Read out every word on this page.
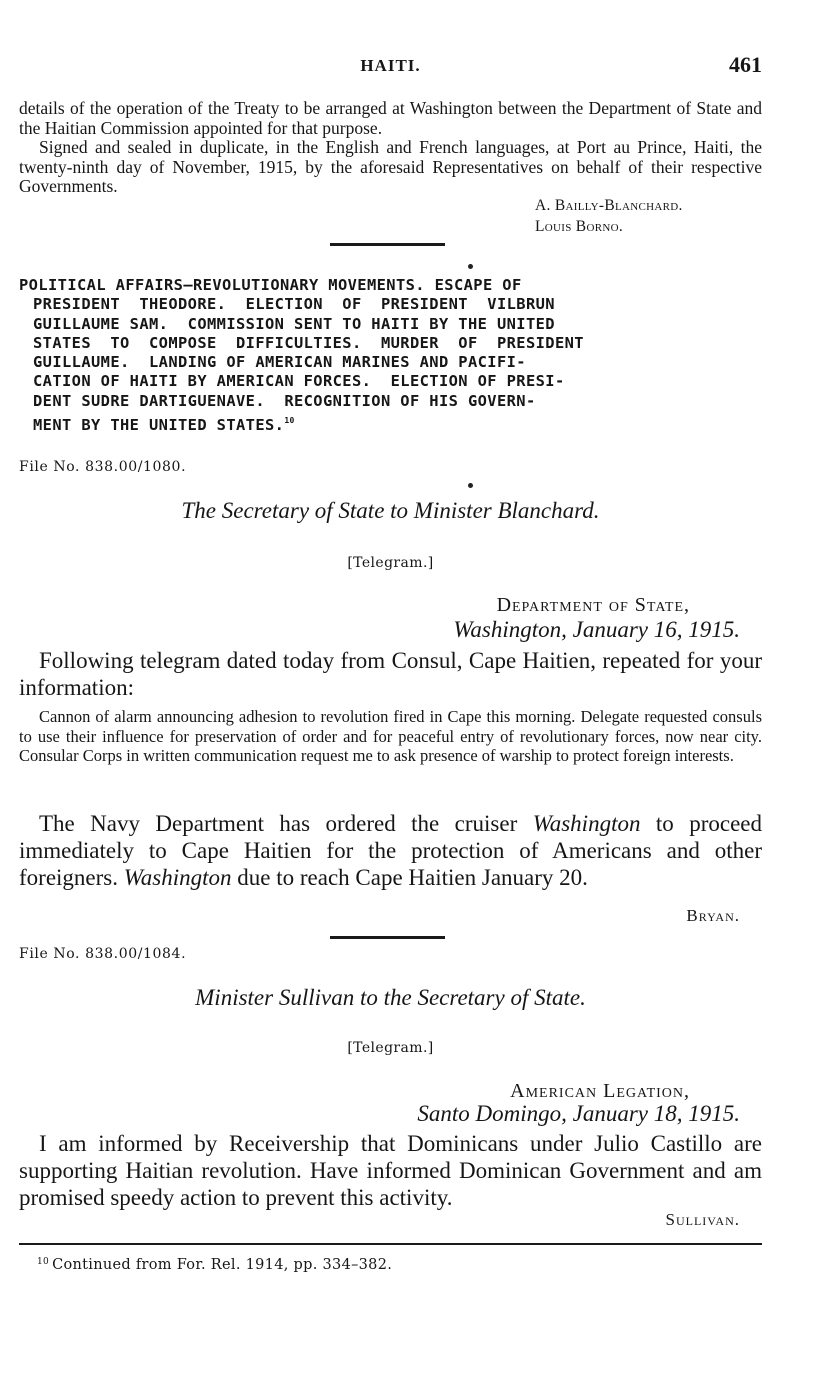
HAITI.	461
details of the operation of the Treaty to be arranged at Washington between the Department of State and the Haitian Commission appointed for that purpose.
Signed and sealed in duplicate, in the English and French languages, at Port au Prince, Haiti, the twenty-ninth day of November, 1915, by the aforesaid Representatives on behalf of their respective Governments.
A. Bailly-Blanchard.
Louis Borno.
POLITICAL AFFAIRS—REVOLUTIONARY MOVEMENTS. ESCAPE OF
PRESIDENT  THEODORE.  ELECTION  OF  PRESIDENT  VILBRUN
GUILLAUME SAM.  COMMISSION SENT TO HAITI BY THE UNITED
STATES  TO  COMPOSE  DIFFICULTIES.  MURDER  OF  PRESIDENT
GUILLAUME.  LANDING OF AMERICAN MARINES AND PACIFI-
CATION OF HAITI BY AMERICAN FORCES.  ELECTION OF PRESI-
DENT SUDRE DARTIGUENAVE.  RECOGNITION OF HIS GOVERN-
MENT BY THE UNITED STATES.$^{10}$
File No. 838.00/1080.
The Secretary of State to Minister Blanchard.
[Telegram.]
Department of State,
Washington, January 16, 1915.
Following telegram dated today from Consul, Cape Haitien, repeated for your information:
Cannon of alarm announcing adhesion to revolution fired in Cape this morning. Delegate requested consuls to use their influence for preservation of order and for peaceful entry of revolutionary forces, now near city. Consular Corps in written communication request me to ask presence of warship to protect foreign interests.
The Navy Department has ordered the cruiser Washington to proceed immediately to Cape Haitien for the protection of Americans and other foreigners. Washington due to reach Cape Haitien January 20.
Bryan.
File No. 838.00/1084.
Minister Sullivan to the Secretary of State.
[Telegram.]
American Legation,
Santo Domingo, January 18, 1915.
I am informed by Receivership that Dominicans under Julio Castillo are supporting Haitian revolution. Have informed Dominican Government and am promised speedy action to prevent this activity.
Sullivan.
$^{10}$ Continued from For. Rel. 1914, pp. 334–382.
